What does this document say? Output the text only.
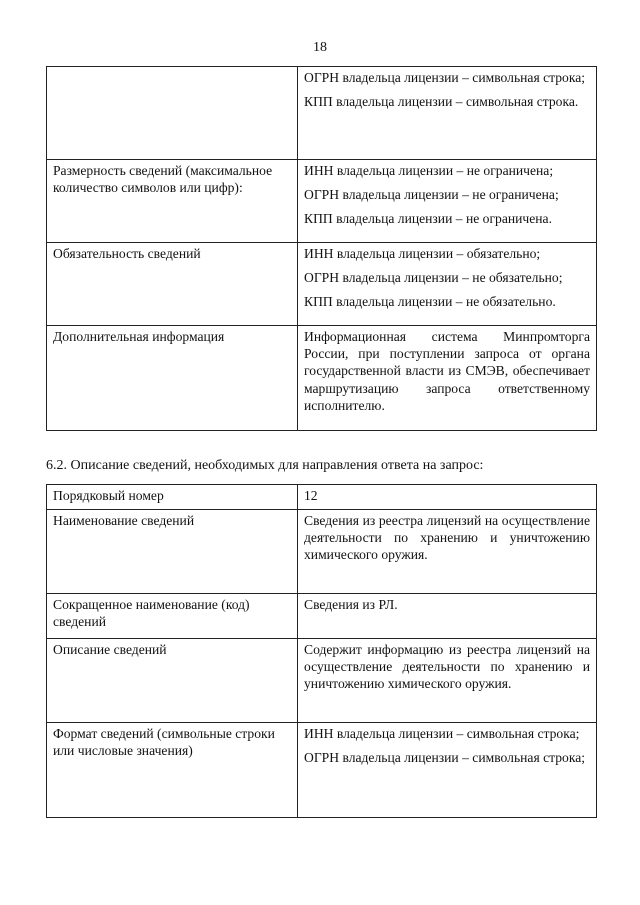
18

	ОГРН владельца лицензии – символьная строка;
КПП владельца лицензии – символьная строка.

Размерность сведений (максимальное количество символов или цифр):	ИНН владельца лицензии – не ограничена;
ОГРН владельца лицензии – не ограничена;
КПП владельца лицензии – не ограничена.

Обязательность сведений	ИНН владельца лицензии – обязательно;
ОГРН владельца лицензии – не обязательно;
КПП владельца лицензии – не обязательно.

Дополнительная информация	Информационная система Минпромторга России, при поступлении запроса от органа государственной власти из СМЭВ, обеспечивает маршрутизацию запроса ответственному исполнителю.
6.2. Описание сведений, необходимых для направления ответа на запрос:
Порядковый номер	12

Наименование сведений	Сведения из реестра лицензий на осуществление деятельности по хранению и уничтожению химического оружия.

Сокращенное наименование (код) сведений	Сведения из РЛ.

Описание сведений	Содержит информацию из реестра лицензий на осуществление деятельности по хранению и уничтожению химического оружия.

Формат сведений (символьные строки или числовые значения)	ИНН владельца лицензии – символьная строка;
ОГРН владельца лицензии – символьная строка;
